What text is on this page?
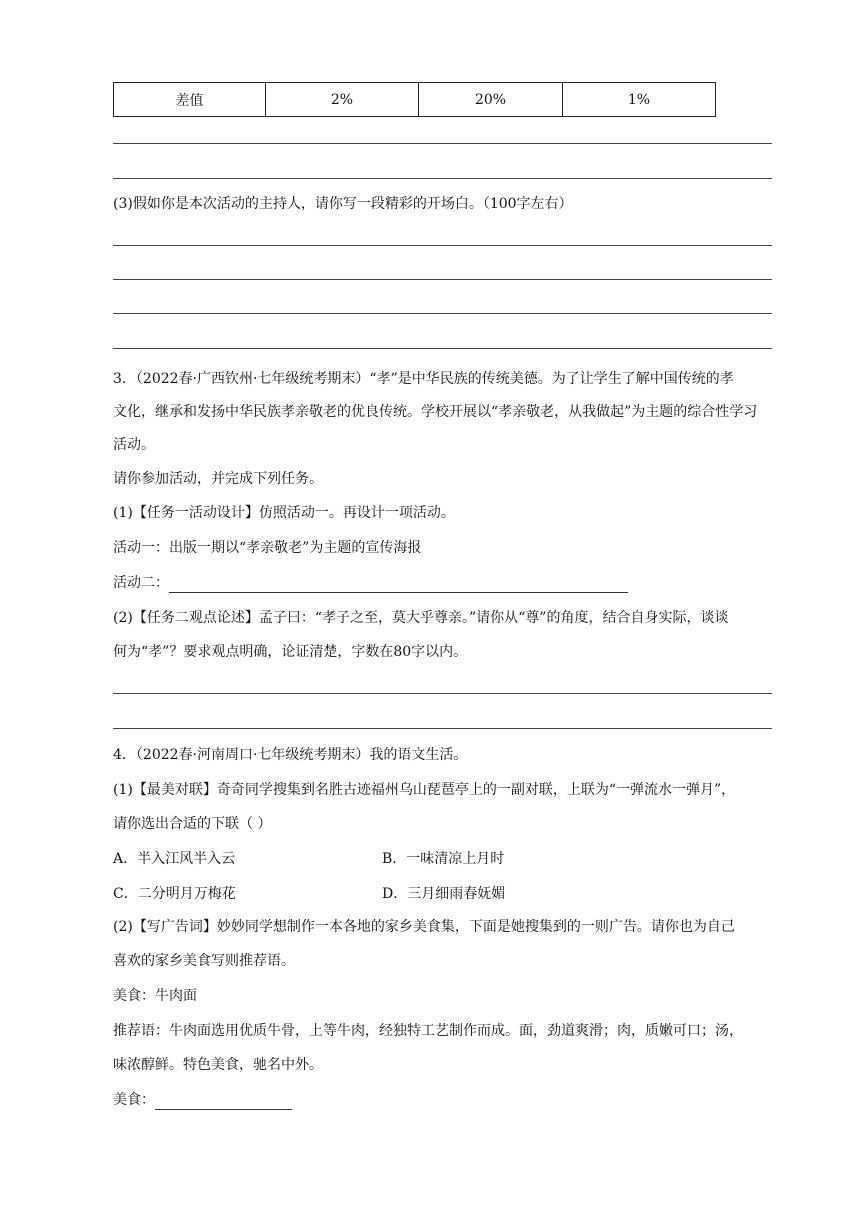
差值	2%	20%	1%
(3)假如你是本次活动的主持人，请你写一段精彩的开场白。（100字左右）
3．（2022春·广西钦州·七年级统考期末）“孝”是中华民族的传统美德。为了让学生了解中国传统的孝
文化，继承和发扬中华民族孝亲敬老的优良传统。学校开展以“孝亲敬老，从我做起”为主题的综合性学习
活动。
请你参加活动，并完成下列任务。
(1)【任务一活动设计】仿照活动一。再设计一项活动。
活动一：出版一期以“孝亲敬老”为主题的宣传海报
活动二：
(2)【任务二观点论述】孟子曰：“孝子之至，莫大乎尊亲。”请你从“尊”的角度，结合自身实际，谈谈
何为“孝”？要求观点明确，论证清楚，字数在80字以内。
4．（2022春·河南周口·七年级统考期末）我的语文生活。
(1)【最美对联】奇奇同学搜集到名胜古迹福州乌山琵琶亭上的一副对联，上联为“一弹流水一弹月”，
请你选出合适的下联（ ）
A．半入江风半入云	B．一味清凉上月时
C．二分明月万梅花	D．三月细雨春妩媚
(2)【写广告词】妙妙同学想制作一本各地的家乡美食集，下面是她搜集到的一则广告。请你也为自己
喜欢的家乡美食写则推荐语。
美食：牛肉面
推荐语：牛肉面选用优质牛骨，上等牛肉，经独特工艺制作而成。面，劲道爽滑；肉，质嫩可口；汤，
味浓醇鲜。特色美食，驰名中外。
美食：
